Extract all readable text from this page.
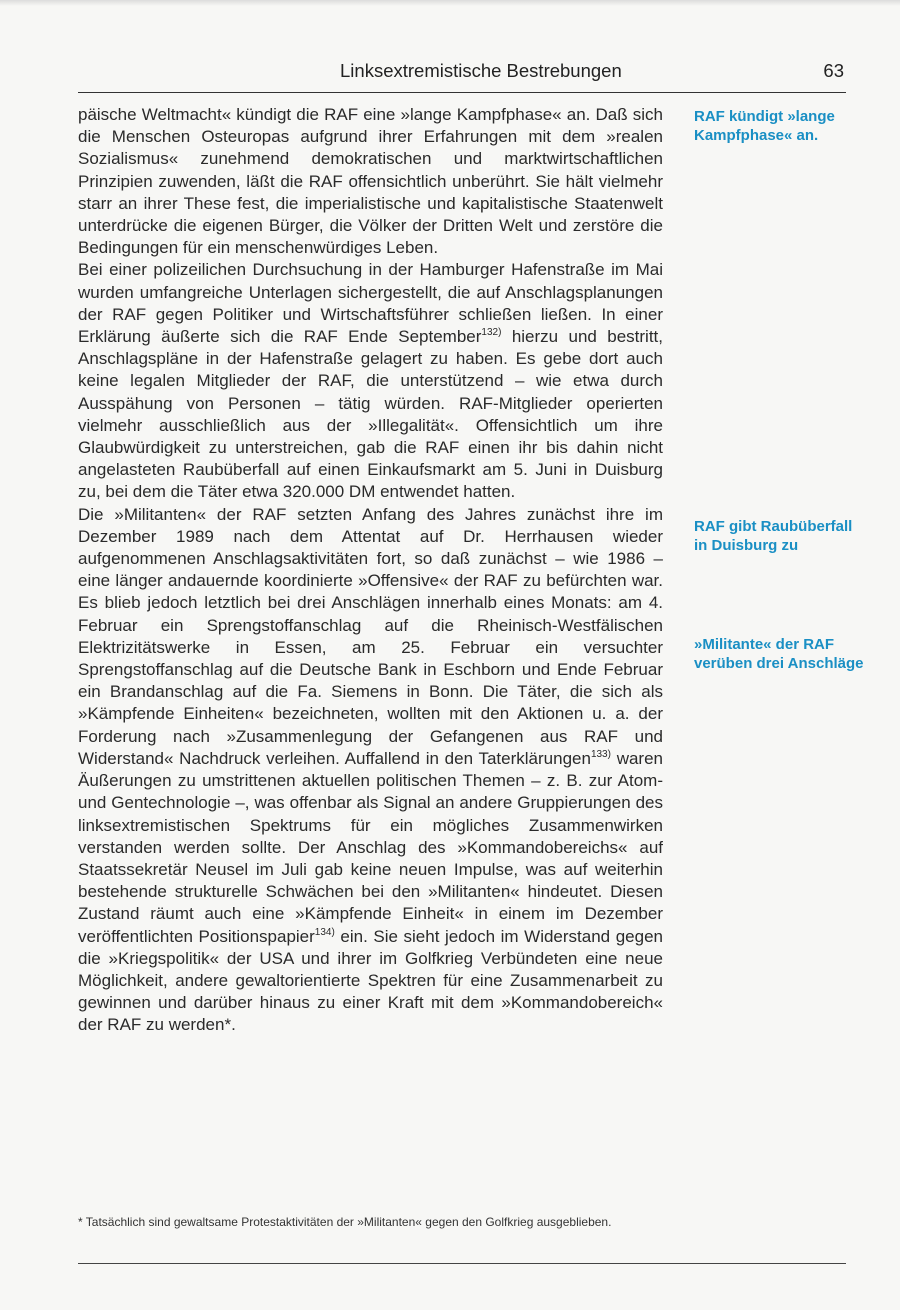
Linksextremistische Bestrebungen	63

päische Weltmacht« kündigt die RAF eine »lange Kampfphase« an. Daß sich die Menschen Osteuropas aufgrund ihrer Erfahrungen mit dem »realen Sozialismus« zunehmend demokratischen und marktwirtschaftlichen Prinzipien zuwenden, läßt die RAF offensichtlich unberührt. Sie hält vielmehr starr an ihrer These fest, die imperialistische und kapitalistische Staatenwelt unterdrücke die eigenen Bürger, die Völker der Dritten Welt und zerstöre die Bedingungen für ein menschenwürdiges Leben.

Bei einer polizeilichen Durchsuchung in der Hamburger Hafenstraße im Mai wurden umfangreiche Unterlagen sichergestellt, die auf Anschlagsplanungen der RAF gegen Politiker und Wirtschaftsführer schließen ließen. In einer Erklärung äußerte sich die RAF Ende September$^{132)}$ hierzu und bestritt, Anschlagspläne in der Hafenstraße gelagert zu haben. Es gebe dort auch keine legalen Mitglieder der RAF, die unterstützend – wie etwa durch Ausspähung von Personen – tätig würden. RAF-Mitglieder operierten vielmehr ausschließlich aus der »Illegalität«. Offensichtlich um ihre Glaubwürdigkeit zu unterstreichen, gab die RAF einen ihr bis dahin nicht angelasteten Raubüberfall auf einen Einkaufsmarkt am 5. Juni in Duisburg zu, bei dem die Täter etwa 320.000 DM entwendet hatten.

Die »Militanten« der RAF setzten Anfang des Jahres zunächst ihre im Dezember 1989 nach dem Attentat auf Dr. Herrhausen wieder aufgenommenen Anschlagsaktivitäten fort, so daß zunächst – wie 1986 – eine länger andauernde koordinierte »Offensive« der RAF zu befürchten war. Es blieb jedoch letztlich bei drei Anschlägen innerhalb eines Monats: am 4. Februar ein Sprengstoffanschlag auf die Rheinisch-Westfälischen Elektrizitätswerke in Essen, am 25. Februar ein versuchter Sprengstoffanschlag auf die Deutsche Bank in Eschborn und Ende Februar ein Brandanschlag auf die Fa. Siemens in Bonn. Die Täter, die sich als »Kämpfende Einheiten« bezeichneten, wollten mit den Aktionen u. a. der Forderung nach »Zusammenlegung der Gefangenen aus RAF und Widerstand« Nachdruck verleihen. Auffallend in den Taterklärungen$^{133)}$ waren Äußerungen zu umstrittenen aktuellen politischen Themen – z. B. zur Atom- und Gentechnologie –, was offenbar als Signal an andere Gruppierungen des linksextremistischen Spektrums für ein mögliches Zusammenwirken verstanden werden sollte. Der Anschlag des »Kommandobereichs« auf Staatssekretär Neusel im Juli gab keine neuen Impulse, was auf weiterhin bestehende strukturelle Schwächen bei den »Militanten« hindeutet. Diesen Zustand räumt auch eine »Kämpfende Einheit« in einem im Dezember veröffentlichten Positionspapier$^{134)}$ ein. Sie sieht jedoch im Widerstand gegen die »Kriegspolitik« der USA und ihrer im Golfkrieg Verbündeten eine neue Möglichkeit, andere gewaltorientierte Spektren für eine Zusammenarbeit zu gewinnen und darüber hinaus zu einer Kraft mit dem »Kommandobereich« der RAF zu werden*.

RAF kündigt »lange Kampfphase« an.
RAF gibt Raubüberfall in Duisburg zu
»Militante« der RAF verüben drei Anschläge
* Tatsächlich sind gewaltsame Protestaktivitäten der »Militanten« gegen den Golfkrieg ausgeblieben.
